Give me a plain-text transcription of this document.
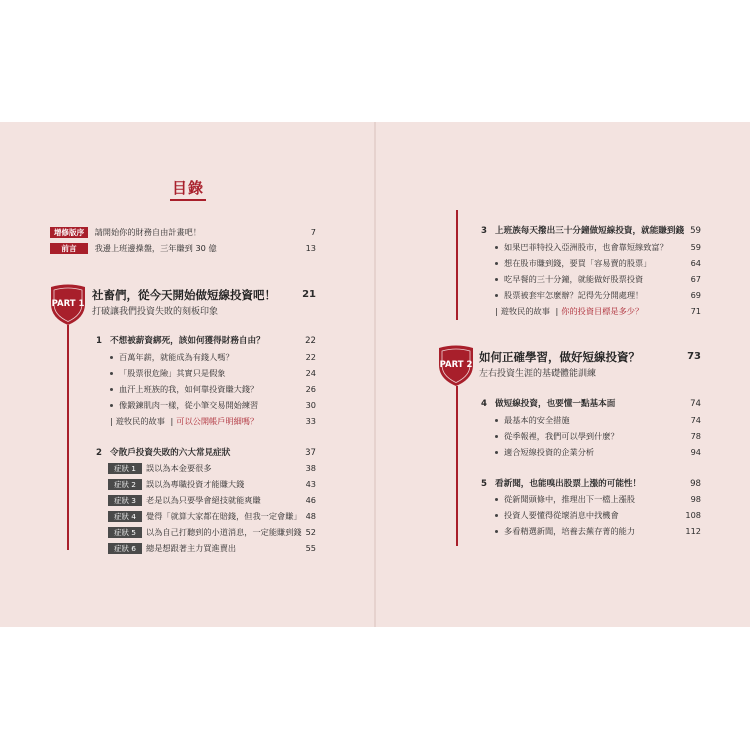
目錄
增修版序 請開始你的財務自由計畫吧！	7
前言 我邊上班邊操盤，三年賺到 30 億	13
PART 1
社畜們，從今天開始做短線投資吧！
打破讓我們投資失敗的刻板印象
21
1 不想被薪資綁死，該如何獲得財務自由？	22
百萬年薪，就能成為有錢人嗎？	22
「股票很危險」其實只是假象	24
血汗上班族的我，如何靠投資賺大錢？	26
像鍛鍊肌肉一樣，從小筆交易開始練習	30
| 遊牧民的故事 | 可以公開帳戶明細嗎？	33
2 令散戶投資失敗的六大常見症狀	37
症狀 1 誤以為本金要很多	38
症狀 2 誤以為專職投資才能賺大錢	43
症狀 3 老是以為只要學會絕技就能爽賺	46
症狀 4 覺得「就算大家都在賠錢，但我一定會賺」 48
症狀 5 以為自己打聽到的小道消息，一定能賺到錢 52
症狀 6 總是想跟著主力買進賣出	55
3 上班族每天撥出三十分鐘做短線投資，就能賺到錢 59
如果巴菲特投入亞洲股市，也會靠短線致富？	59
想在股市賺到錢，要買「容易賣的股票」	64
吃早餐的三十分鐘，就能做好股票投資	67
股票被套牢怎麼辦？記得先分開處理！	69
| 遊牧民的故事 | 你的投資目標是多少？	71
PART 2
如何正確學習，做好短線投資？
左右投資生涯的基礎體能訓練
73
4 做短線投資，也要懂一點基本面	74
最基本的安全措施	74
從季報裡，我們可以學到什麼？	78
適合短線投資的企業分析	94
5 看新聞，也能嗅出股票上漲的可能性！	98
從新聞頭條中，推理出下一檔上漲股	98
投資人要懂得從壞消息中找機會	108
多看精選新聞，培養去蕪存菁的能力	112
